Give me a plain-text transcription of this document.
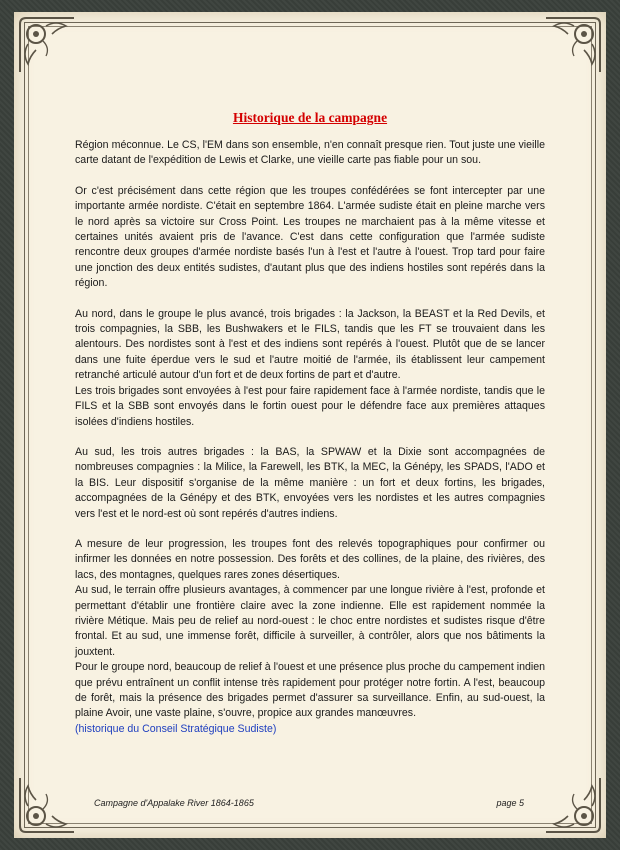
Historique de la campagne

Région méconnue. Le CS, l'EM dans son ensemble, n'en connaît presque rien. Tout juste une vieille carte datant de l'expédition de Lewis et Clarke, une vieille carte pas fiable pour un sou.

Or c'est précisément dans cette région que les troupes confédérées se font intercepter par une importante armée nordiste. C'était en septembre 1864. L'armée sudiste était en pleine marche vers le nord après sa victoire sur Cross Point. Les troupes ne marchaient pas à la même vitesse et certaines unités avaient pris de l'avance. C'est dans cette configuration que l'armée sudiste rencontre deux groupes d'armée nordiste basés l'un à l'est et l'autre à l'ouest. Trop tard pour faire une jonction des deux entités sudistes, d'autant plus que des indiens hostiles sont repérés dans la région.

Au nord, dans le groupe le plus avancé, trois brigades : la Jackson, la BEAST et la Red Devils, et trois compagnies, la SBB, les Bushwakers et le FILS, tandis que les FT se trouvaient dans les alentours. Des nordistes sont à l'est et des indiens sont repérés à l'ouest. Plutôt que de se lancer dans une fuite éperdue vers le sud et l'autre moitié de l'armée, ils établissent leur campement retranché articulé autour d'un fort et de deux fortins de part et d'autre.

Les trois brigades sont envoyées à l'est pour faire rapidement face à l'armée nordiste, tandis que le FILS et la SBB sont envoyés dans le fortin ouest pour le défendre face aux premières attaques isolées d'indiens hostiles.

Au sud, les trois autres brigades : la BAS, la SPWAW et la Dixie sont accompagnées de nombreuses compagnies : la Milice, la Farewell, les BTK, la MEC, la Génépy, les SPADS, l'ADO et la BIS. Leur dispositif s'organise de la même manière : un fort et deux fortins, les brigades, accompagnées de la Génépy et des BTK, envoyées vers les nordistes et les autres compagnies vers l'est et le nord-est où sont repérés d'autres indiens.

A mesure de leur progression, les troupes font des relevés topographiques pour confirmer ou infirmer les données en notre possession. Des forêts et des collines, de la plaine, des rivières, des lacs, des montagnes, quelques rares zones désertiques.

Au sud, le terrain offre plusieurs avantages, à commencer par une longue rivière à l'est, profonde et permettant d'établir une frontière claire avec la zone indienne. Elle est rapidement nommée la rivière Métique. Mais peu de relief au nord-ouest : le choc entre nordistes et sudistes risque d'être frontal. Et au sud, une immense forêt, difficile à surveiller, à contrôler, alors que nos bâtiments la jouxtent.

Pour le groupe nord, beaucoup de relief à l'ouest et une présence plus proche du campement indien que prévu entraînent un conflit intense très rapidement pour protéger notre fortin. A l'est, beaucoup de forêt, mais la présence des brigades permet d'assurer sa surveillance. Enfin, au sud-ouest, la plaine Avoir, une vaste plaine, s'ouvre, propice aux grandes manœuvres.

(historique du Conseil Stratégique Sudiste)

Campagne d'Appalake River 1864-1865	page 5
